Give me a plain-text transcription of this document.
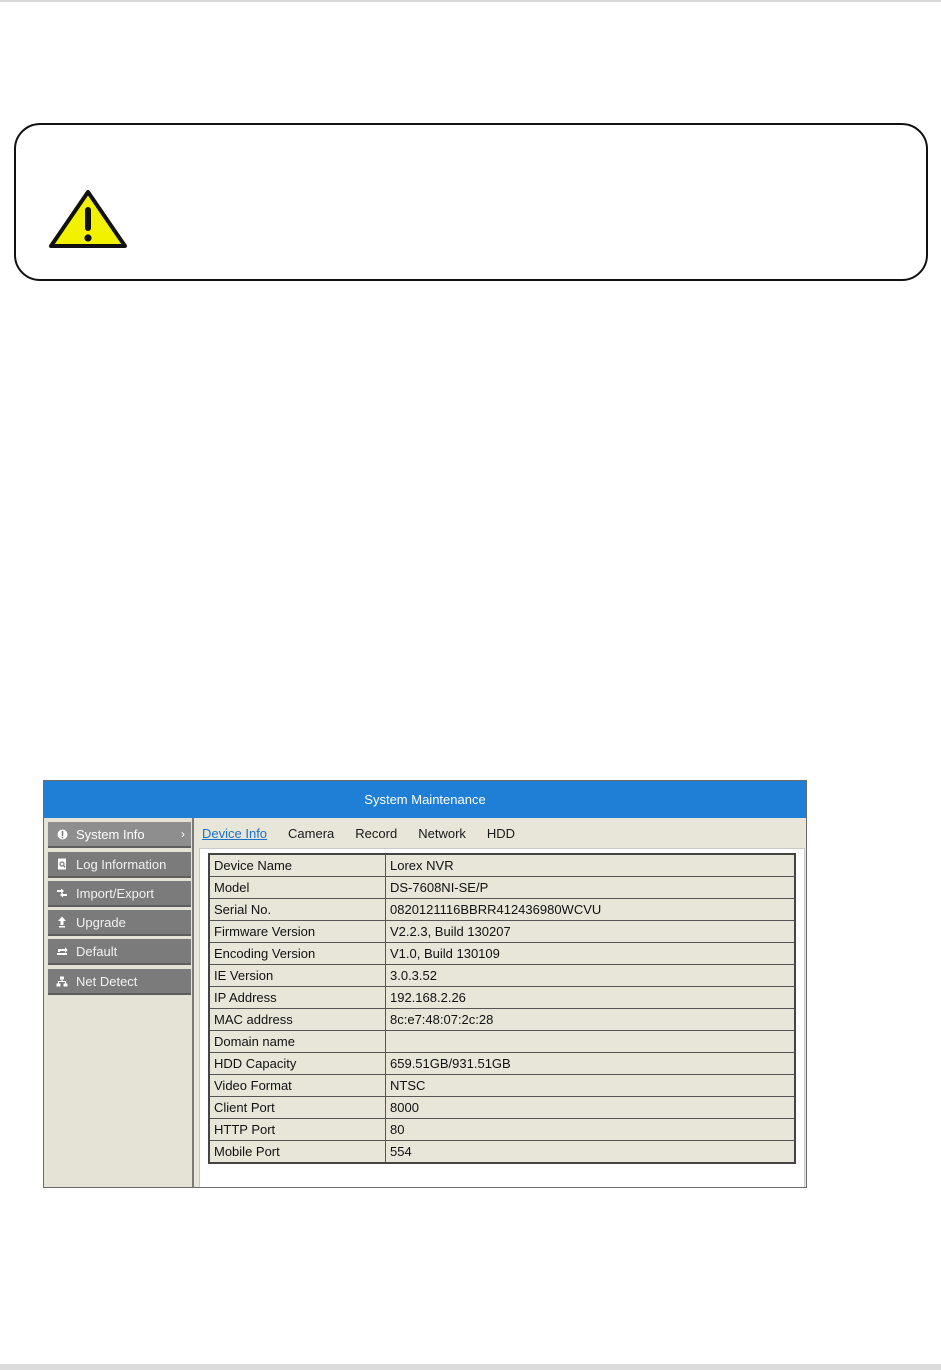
System Maintenance
System Info	›
Log Information
Import/Export
Upgrade
Default
Net Detect
Device Info Camera Record Network HDD
Device Name	Lorex NVR
Model	DS-7608NI-SE/P
Serial No.	0820121116BBRR412436980WCVU
Firmware Version	V2.2.3, Build 130207
Encoding Version	V1.0, Build 130109
IE Version	3.0.3.52
IP Address	192.168.2.26
MAC address	8c:e7:48:07:2c:28
Domain name	
HDD Capacity	659.51GB/931.51GB
Video Format	NTSC
Client Port	8000
HTTP Port	80
Mobile Port	554
